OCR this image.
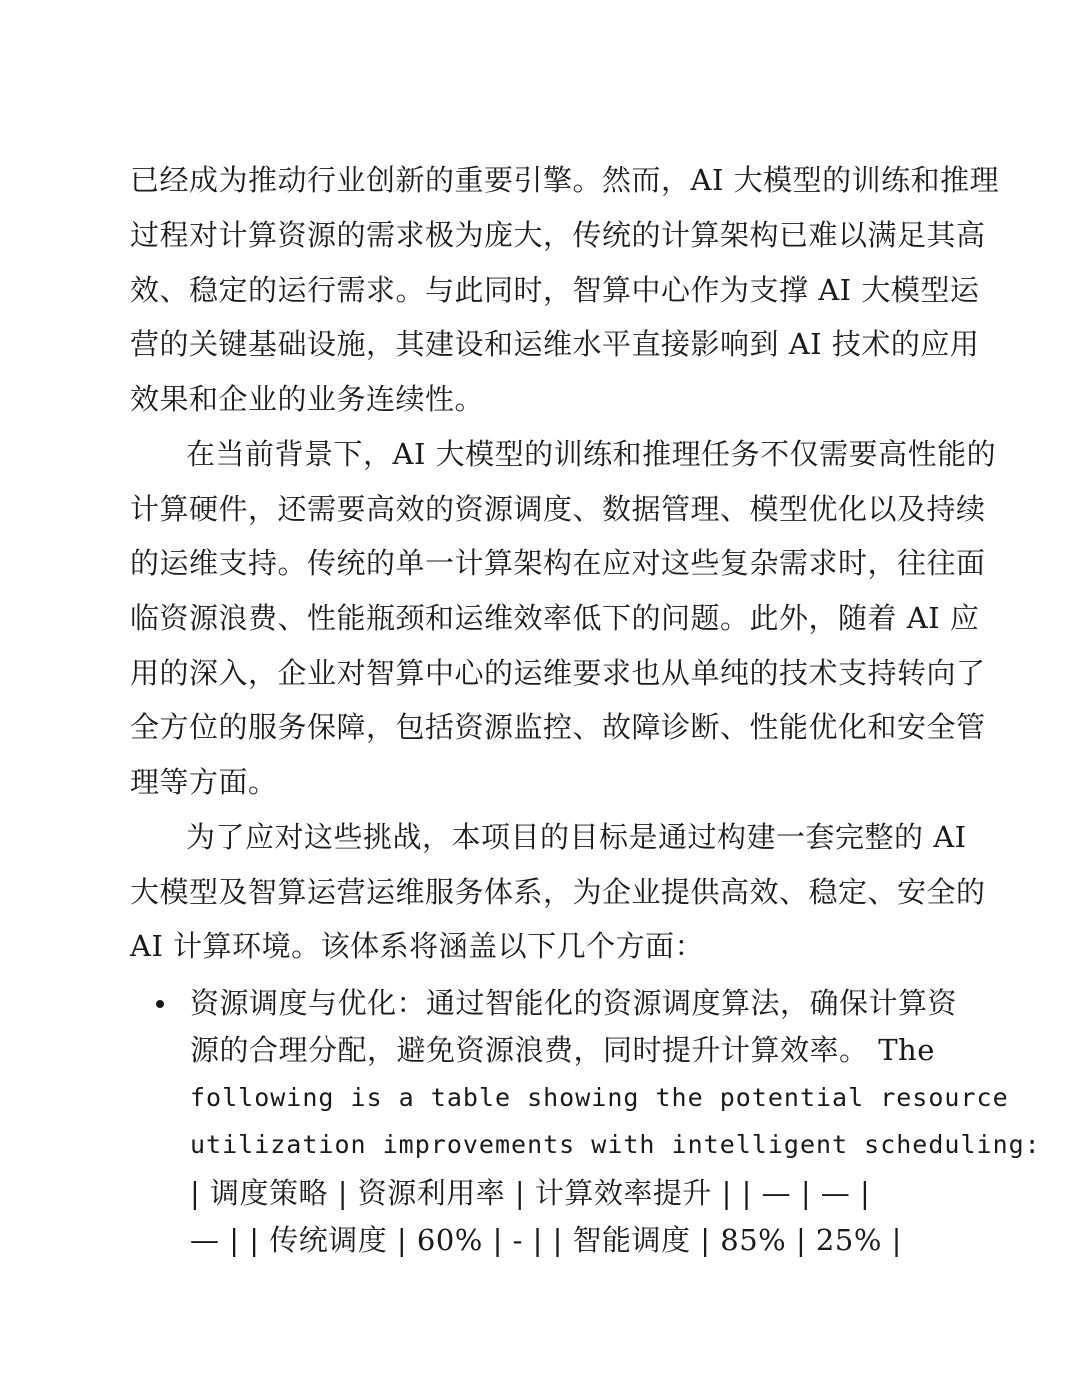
已经成为推动行业创新的重要引擎。然而，AI 大模型的训练和推理
过程对计算资源的需求极为庞大，传统的计算架构已难以满足其高
效、稳定的运行需求。与此同时，智算中心作为支撑 AI 大模型运
营的关键基础设施，其建设和运维水平直接影响到 AI 技术的应用
效果和企业的业务连续性。
在当前背景下，AI 大模型的训练和推理任务不仅需要高性能的
计算硬件，还需要高效的资源调度、数据管理、模型优化以及持续
的运维支持。传统的单一计算架构在应对这些复杂需求时，往往面
临资源浪费、性能瓶颈和运维效率低下的问题。此外，随着 AI 应
用的深入，企业对智算中心的运维要求也从单纯的技术支持转向了
全方位的服务保障，包括资源监控、故障诊断、性能优化和安全管
理等方面。
为了应对这些挑战，本项目的目标是通过构建一套完整的 AI
大模型及智算运营运维服务体系，为企业提供高效、稳定、安全的
AI 计算环境。该体系将涵盖以下几个方面：
资源调度与优化：通过智能化的资源调度算法，确保计算资
源的合理分配，避免资源浪费，同时提升计算效率。 The
following is a table showing the potential resource
utilization improvements with intelligent scheduling:
| 调度策略 | 资源利用率 | 计算效率提升 | | — | — |
— | | 传统调度 | 60% | - | | 智能调度 | 85% | 25% |
